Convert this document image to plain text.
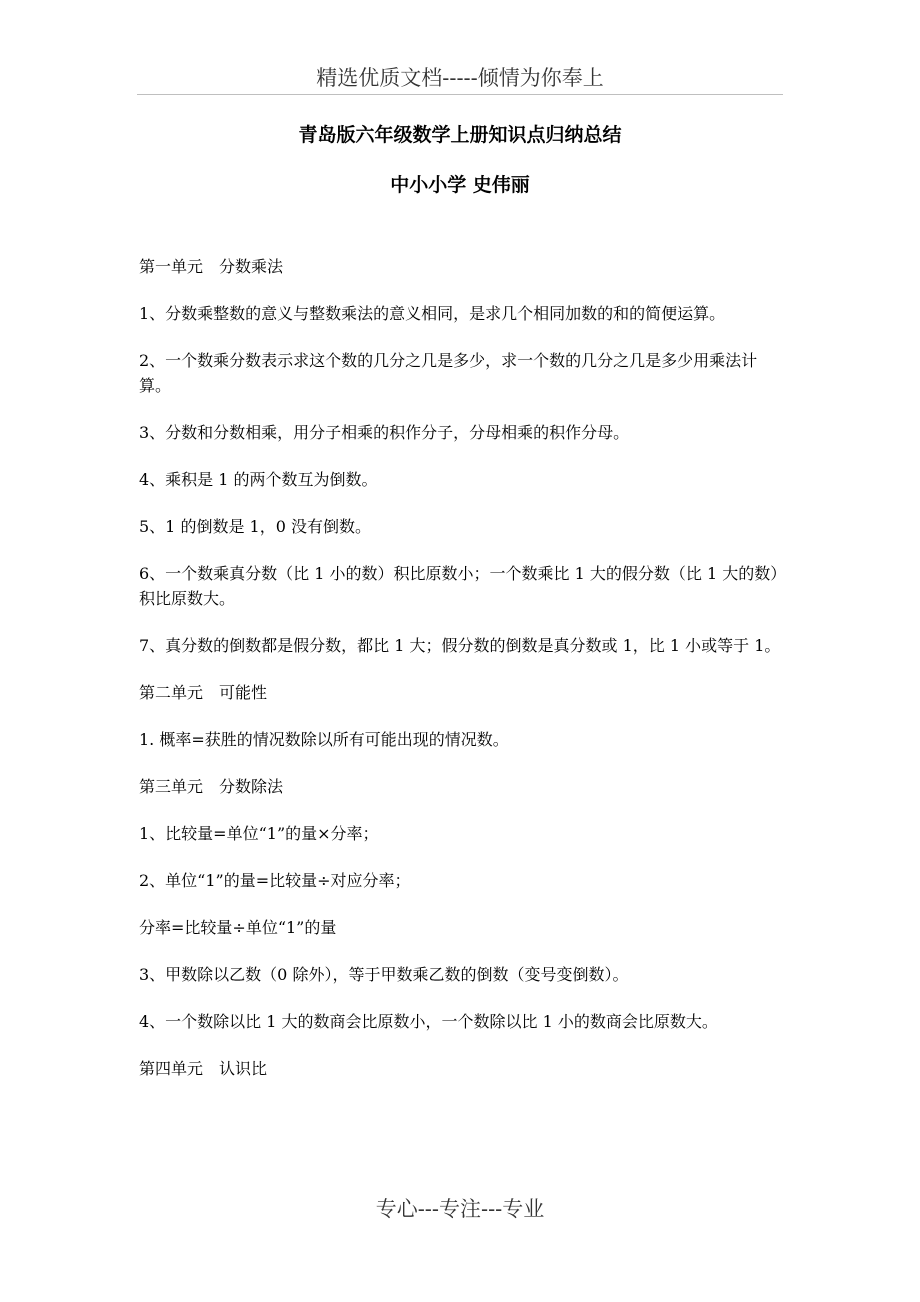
精选优质文档-----倾情为你奉上
青岛版六年级数学上册知识点归纳总结
中小小学 史伟丽

第一单元　分数乘法

1、分数乘整数的意义与整数乘法的意义相同，是求几个相同加数的和的简便运算。

2、一个数乘分数表示求这个数的几分之几是多少，求一个数的几分之几是多少用乘法计算。

3、分数和分数相乘，用分子相乘的积作分子，分母相乘的积作分母。

4、乘积是 1 的两个数互为倒数。

5、1 的倒数是 1，0 没有倒数。

6、一个数乘真分数（比 1 小的数）积比原数小；一个数乘比 1 大的假分数（比 1 大的数）积比原数大。

7、真分数的倒数都是假分数，都比 1 大；假分数的倒数是真分数或 1，比 1 小或等于 1。

第二单元　可能性

1. 概率=获胜的情况数除以所有可能出现的情况数。

第三单元　分数除法

1、比较量=单位“1”的量×分率；

2、单位“1”的量=比较量÷对应分率；

分率=比较量÷单位“1”的量

3、甲数除以乙数（0 除外），等于甲数乘乙数的倒数（变号变倒数）。

4、一个数除以比 1 大的数商会比原数小，一个数除以比 1 小的数商会比原数大。

第四单元　认识比

专心---专注---专业
